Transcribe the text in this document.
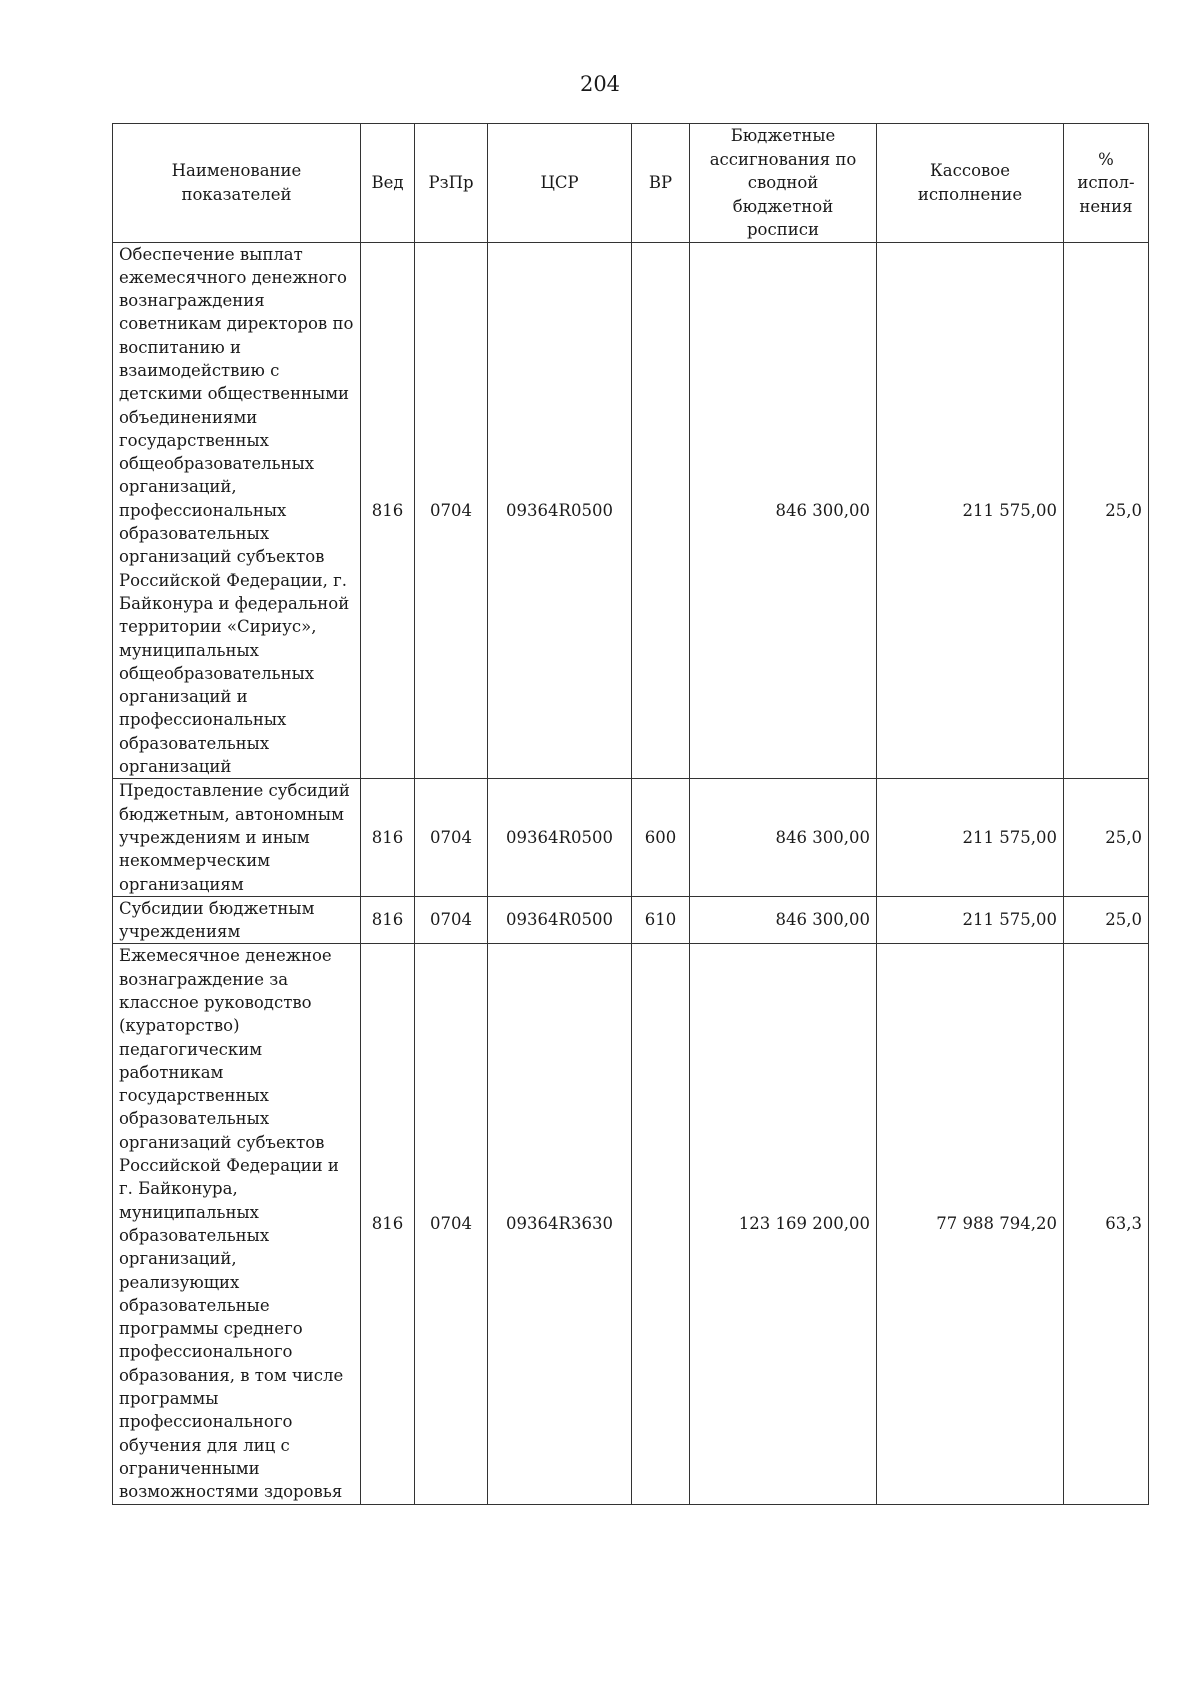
204
Наименование показателей	Вед	РзПр	ЦСР	ВР	Бюджетные ассигнования по сводной бюджетной росписи	Кассовое исполнение	% испол- нения
Обеспечение выплат ежемесячного денежного вознаграждения советникам директоров по воспитанию и взаимодействию с детскими общественными объединениями государственных общеобразовательных организаций, профессиональных образовательных организаций субъектов Российской Федерации, г. Байконура и федеральной территории «Сириус», муниципальных общеобразовательных организаций и профессиональных образовательных организаций	816	0704	09364R0500		846 300,00	211 575,00	25,0
Предоставление субсидий бюджетным, автономным учреждениям и иным некоммерческим организациям	816	0704	09364R0500	600	846 300,00	211 575,00	25,0
Субсидии бюджетным учреждениям	816	0704	09364R0500	610	846 300,00	211 575,00	25,0
Ежемесячное денежное вознаграждение за классное руководство (кураторство) педагогическим работникам государственных образовательных организаций субъектов Российской Федерации и г. Байконура, муниципальных образовательных организаций, реализующих образовательные программы среднего профессионального образования, в том числе программы профессионального обучения для лиц с ограниченными возможностями здоровья	816	0704	09364R3630		123 169 200,00	77 988 794,20	63,3
